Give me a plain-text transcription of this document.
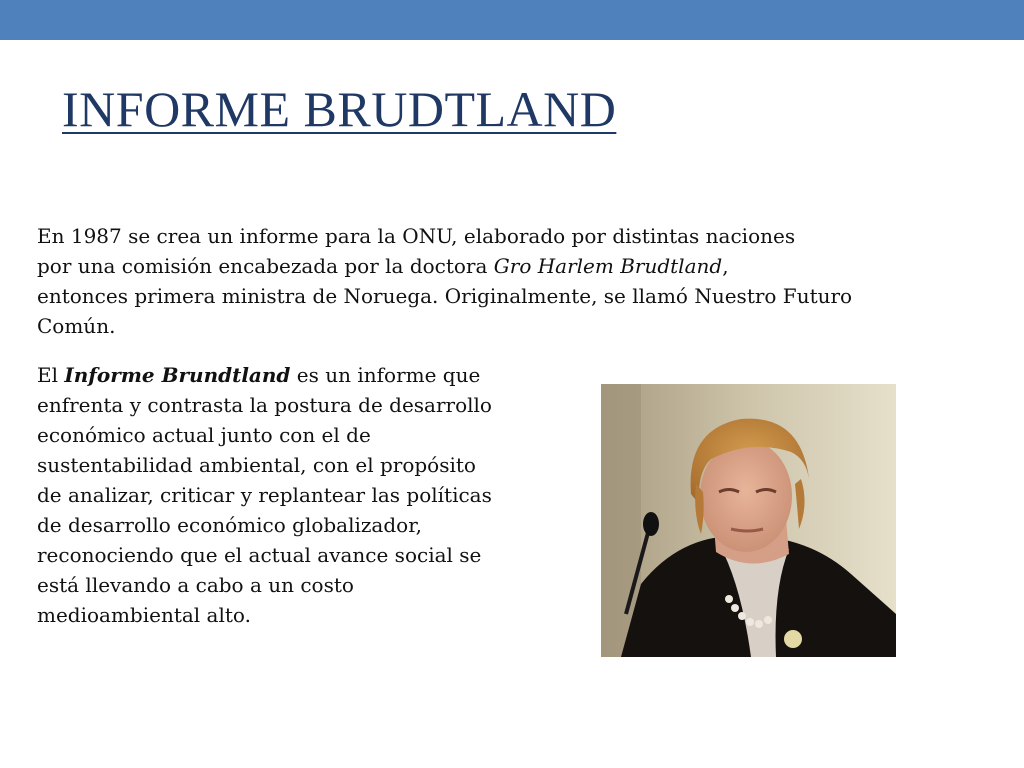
INFORME BRUDTLAND

En 1987 se crea un informe para la ONU, elaborado por distintas naciones
por una comisión encabezada por la doctora Gro Harlem Brudtland,
entonces primera ministra de Noruega. Originalmente, se llamó Nuestro Futuro
Común.

El Informe Brundtland es un informe que
enfrenta y contrasta la postura de desarrollo
económico actual junto con el de
sustentabilidad ambiental, con el propósito
de analizar, criticar y replantear las políticas
de desarrollo económico globalizador,
reconociendo que el actual avance social se
está llevando a cabo a un costo
medioambiental alto.
